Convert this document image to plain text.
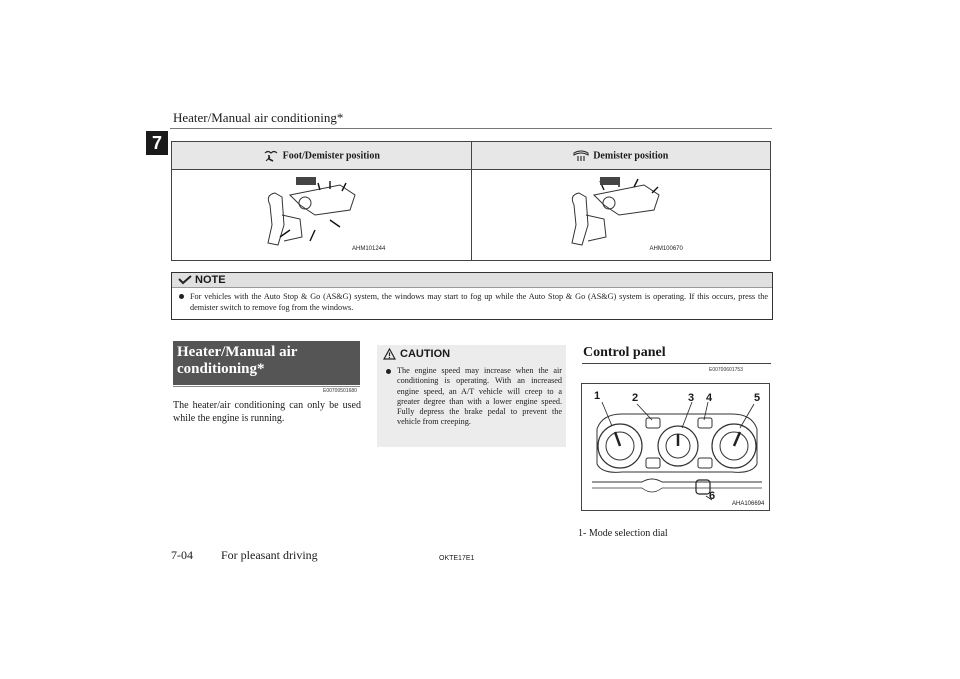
Heater/Manual air conditioning*
7
Foot/Demister position	Demister position

AHM101244	AHM100670
NOTE
For vehicles with the Auto Stop & Go (AS&G) system, the windows may start to fog up while the Auto Stop & Go (AS&G) system is operating. If this occurs, press the demister switch to remove fog from the windows.
Heater/Manual air conditioning*
E00700501680
The heater/air conditioning can only be used while the engine is running.
CAUTION
The engine speed may increase when the air conditioning is operating. With an increased engine speed, an A/T vehicle will creep to a greater degree than with a lower engine speed. Fully depress the brake pedal to prevent the vehicle from creeping.
Control panel
E00700601753
1	2	3 4	5
6
AHA106694
1- Mode selection dial
7-04 For pleasant driving	OKTE17E1
